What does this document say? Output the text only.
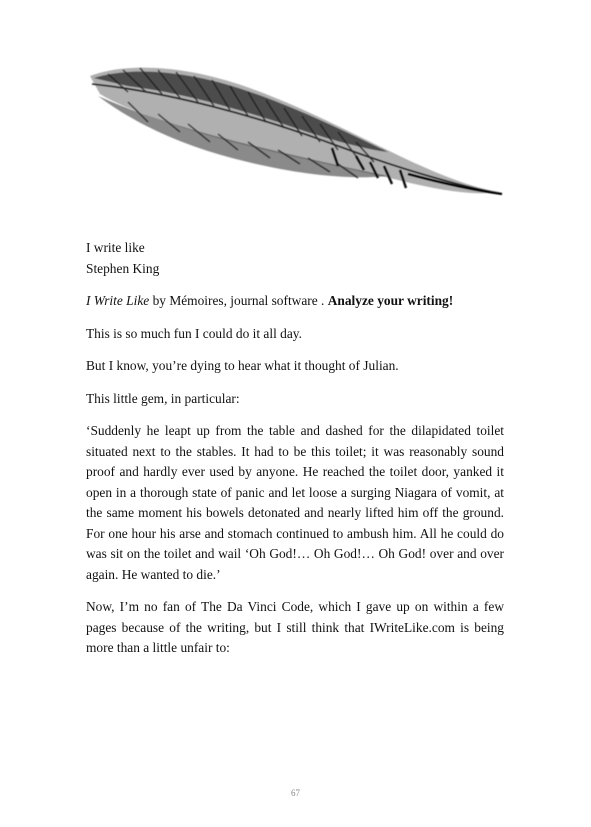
I write like
Stephen King

I Write Like by Mémoires, journal software . Analyze your writing!

This is so much fun I could do it all day.

But I know, you’re dying to hear what it thought of Julian.

This little gem, in particular:

‘Suddenly he leapt up from the table and dashed for the dilapidated toilet situated next to the stables. It had to be this toilet; it was reasonably sound proof and hardly ever used by anyone. He reached the toilet door, yanked it open in a thorough state of panic and let loose a surging Niagara of vomit, at the same moment his bowels detonated and nearly lifted him off the ground. For one hour his arse and stomach continued to ambush him. All he could do was sit on the toilet and wail ‘Oh God!… Oh God!… Oh God! over and over again. He wanted to die.’

Now, I’m no fan of The Da Vinci Code, which I gave up on within a few pages because of the writing, but I still think that IWriteLike.com is being more than a little unfair to:

67
